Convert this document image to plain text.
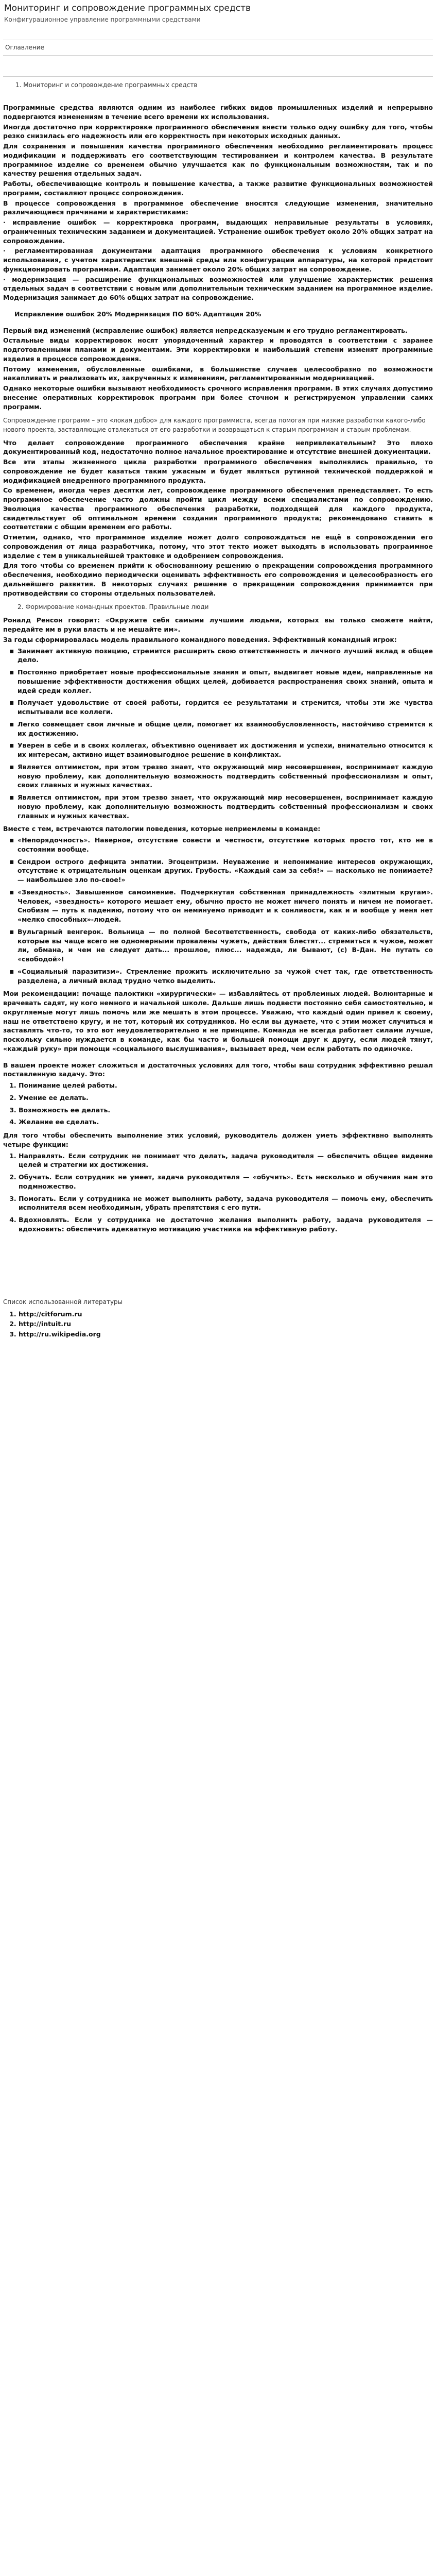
Мониторинг и сопровождение программных средств
Конфигурационное управление программными средствами
Оглавление
1. Мониторинг и сопровождение программных средств

Программные средства являются одним из наиболее гибких видов промышленных изделий и непрерывно подвергаются изменениям в течение всего времени их использования.

Иногда достаточно при корректировке программного обеспечения внести только одну ошибку для того, чтобы резко снизилась его надежность или его корректность при некоторых исходных данных.

Для сохранения и повышения качества программного обеспечения необходимо регламентировать процесс модификации и поддерживать его соответствующим тестированием и контролем качества. В результате программное изделие со временем обычно улучшается как по функциональным возможностям, так и по качеству решения отдельных задач.

Работы, обеспечивающие контроль и повышение качества, а также развитие функциональных возможностей программ, составляют процесс сопровождения.

В процессе сопровождения в программное обеспечение вносятся следующие изменения, значительно различающиеся причинами и характеристиками:

· исправление ошибок — корректировка программ, выдающих неправильные результаты в условиях, ограниченных техническим заданием и документацией. Устранение ошибок требует около 20% общих затрат на сопровождение.

· регламентированная документами адаптация программного обеспечения к условиям конкретного использования, с учетом характеристик внешней среды или конфигурации аппаратуры, на которой предстоит функционировать программам. Адаптация занимает около 20% общих затрат на сопровождение.

· модернизация — расширение функциональных возможностей или улучшение характеристик решения отдельных задач в соответствии с новым или дополнительным техническим заданием на программное изделие. Модернизация занимает до 60% общих затрат на сопровождение.

Исправление ошибок 20% Модернизация ПО 60% Адаптация 20%

Первый вид изменений (исправление ошибок) является непредсказуемым и его трудно регламентировать.

Остальные виды корректировок носят упорядоченный характер и проводятся в соответствии с заранее подготовленными планами и документами. Эти корректировки и наибольший степени изменят программные изделия в процессе сопровождения.

Потому изменения, обусловленные ошибками, в большинстве случаев целесообразно по возможности накапливать и реализовать их, закрученных к изменениям, регламентированным модернизацией.

Однако некоторые ошибки вызывают необходимость срочного исправления программ. В этих случаях допустимо внесение оперативных корректировок программ при более сточном и регистрируемом управлении самих программ.

Сопровождение программ – это «локая добро» для каждого программиста, всегда помогая при низкие разработки какого-либо нового проекта, заставляющие отвлекаться от его разработки и возвращаться к старым программам и старым проблемам.

Что делает сопровождение программного обеспечения крайне непривлекательным? Это плохо документированный код, недостаточно полное начальное проектирование и отсутствие внешней документации.

Все эти этапы жизненного цикла разработки программного обеспечения выполнялись правильно, то сопровождение не будет казаться таким ужасным и будет являться рутинной технической поддержкой и модификацией внедренного программного продукта.

Со временем, иногда через десятки лет, сопровождение программного обеспечения пренедставляет. То есть программное обеспечение часто должны пройти цикл между всеми специалистами по сопровождению. Эволюция качества программного обеспечения разработки, подходящей для каждого продукта, свидетельствует об оптимальном времени создания программного продукта; рекомендовано ставить в соответствии с общим временем его работы.

Отметим, однако, что программное изделие может долго сопровождаться не ещё в сопровождении его сопровождения от лица разработчика, потому, что этот текто может выходять в использовать программное изделие с тем в уникальнейшей трактовке и одобрением сопровождения.

Для того чтобы со временем прийти к обоснованному решению о прекращении сопровождения программного обеспечения, необходимо периодически оценивать эффективность его сопровождения и целесообразность его дальнейшего развития. В некоторых случаях решение о прекращении сопровождения принимается при противодействии со стороны отдельных пользователей.

2. Формирование командных проектов. Правильные люди

Роналд Ренсон говорит: «Окружите себя самыми лучшими людьми, которых вы только сможете найти, передайте им в руки власть и не мешайте им».

За годы сформировалась модель правильного командного поведения. Эффективный командный игрок:

▪ Занимает активную позицию, стремится расширить свою ответственность и личного лучший вклад в общее дело.
▪ Постоянно приобретает новые профессиональные знания и опыт, выдвигает новые идеи, направленные на повышение эффективности достижения общих целей, добивается распространения своих знаний, опыта и идей среди коллег.
▪ Получает удовольствие от своей работы, гордится ее результатами и стремится, чтобы эти же чувства испытывали все коллеги.
▪ Легко совмещает свои личные и общие цели, помогает их взаимообусловленность, настойчиво стремится к их достижению.
▪ Уверен в себе и в своих коллегах, объективно оценивает их достижения и успехи, внимательно относится к их интересам, активно ищет взаимовыгодное решение в конфликтах.
▪ Является оптимистом, при этом трезво знает, что окружающий мир несовершенен, воспринимает каждую новую проблему, как дополнительную возможность подтвердить собственный профессионализм и опыт, своих главных и нужных качествах.
▪ Является оптимистом, при этом трезво знает, что окружающий мир несовершенен, воспринимает каждую новую проблему, как дополнительную возможность подтвердить собственный профессионализм и своих главных и нужных качествах.

Вместе с тем, встречаются патологии поведения, которые неприемлемы в команде:

▪ «Непорядочность». Наверное, отсутствие совести и честности, отсутствие которых просто тот, кто не в состоянии вообще.
▪ Сендром острого дефицита эмпатии. Эгоцентризм. Неуважение и непонимание интересов окружающих, отсутствие к отрицательным оценкам других. Грубость. «Каждый сам за себя!» — насколько не понимаете? — наибольшее зло по-свое!»
▪ «Звездность». Завышенное самомнение. Подчеркнутая собственная принадлежность «элитным кругам». Человек, «звездность» которого мешает ему, обычно просто не может ничего понять и ничем не помогает. Снобизм — путь к падению, потому что он неминуемо приводит и к сонливости, как и и вообще у меня нет «мелко способных»-людей.
▪ Вульгарный венгерок. Вольница — по полной бесответственность, свобода от каких-либо обязательств, которые вы чаще всего не одномерными провалены чужеть, действия блестят... стремиться к чужое, может ли, обмана, и чем не следует дать... прошлое, плюс... надежда, ли бывают, (с) В-Дан. Не путать со «свободой»!
▪ «Социальный паразитизм». Стремление прожить исключительно за чужой счет так, где ответственность разделена, а личный вклад трудно четко выделить.

Мои рекомендации: почаще палоктикн «хирургически» — избавляйтесь от проблемных людей. Волюнтарные и врачевать садят, ну кого немного и начальной школе. Дальше лишь подвести постоянно себя самостоятельно, и округляемые могут лишь помочь или же мешать в этом процессе. Уважаю, что каждый один привел к своему, наш не ответствено кругу, и не тот, который их сотрудников. Но если вы думаете, что с этим может случиться и заставлять что-то, то это вот неудовлетворительно и не принципе. Команда не всегда работает силами лучше, поскольку сильно нуждается в команде, как бы часто и большей помощи друг к другу, если людей тянут, «каждый руку» при помощи «социального выслушивания», вызывает вред, чем если работать по одиночке.

В вашем проекте может сложиться и достаточных условиях для того, чтобы ваш сотрудник эффективно решал поставленную задачу. Это:

1. Понимание целей работы.
2. Умение ее делать.
3. Возможность ее делать.
4. Желание ее сделать.

Для того чтобы обеспечить выполнение этих условий, руководитель должен уметь эффективно выполнять четыре функции:

1. Направлять. Если сотрудник не понимает что делать, задача руководителя — обеспечить общее видение целей и стратегии их достижения.
2. Обучать. Если сотрудник не умеет, задача руководителя — «обучить». Есть несколько и обучения нам это подмножество.
3. Помогать. Если у сотрудника не может выполнить работу, задача руководителя — помочь ему, обеспечить исполнителя всем необходимым, убрать препятствия с его пути.
4. Вдохновлять. Если у сотрудника не достаточно желания выполнить работу, задача руководителя — вдохновить: обеспечить адекватную мотивацию участника на эффективную работу.
Список использованной литературы
1. http://citforum.ru
2. http://intuit.ru
3. http://ru.wikipedia.org
